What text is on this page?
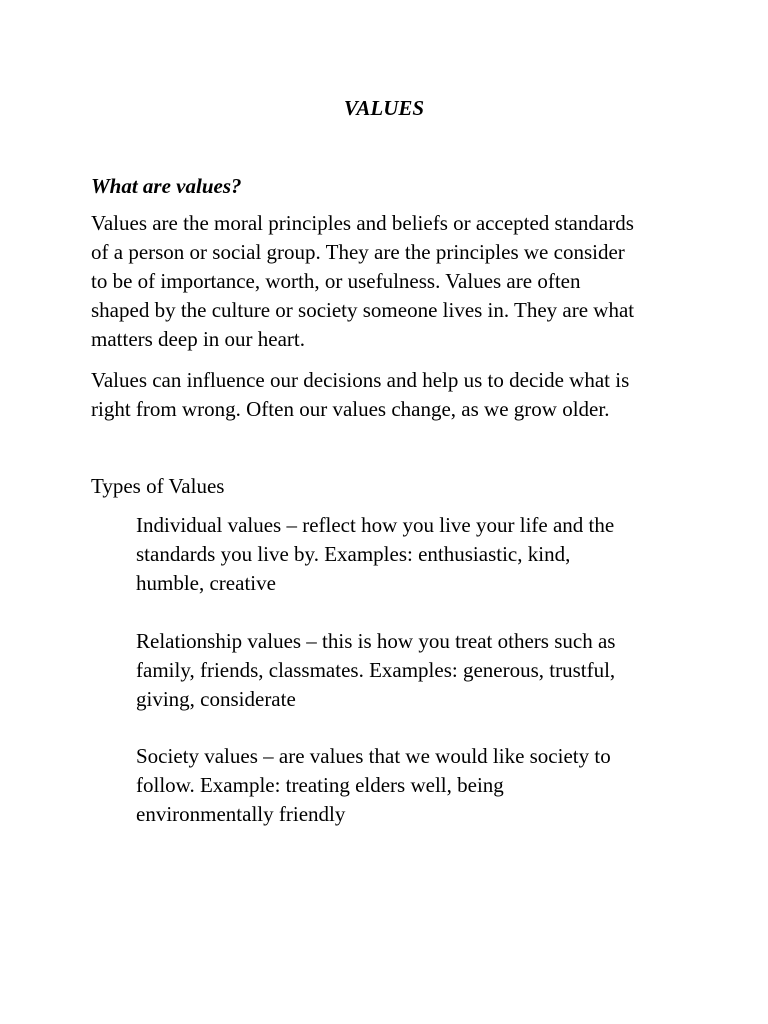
VALUES
What are values?

Values are the moral principles and beliefs or accepted standards
of a person or social group. They are the principles we consider
to be of importance, worth, or usefulness. Values are often
shaped by the culture or society someone lives in. They are what
matters deep in our heart.

Values can influence our decisions and help us to decide what is
right from wrong. Often our values change, as we grow older.

Types of Values

Individual values – reflect how you live your life and the
standards you live by. Examples: enthusiastic, kind,
humble, creative

Relationship values – this is how you treat others such as
family, friends, classmates. Examples: generous, trustful,
giving, considerate

Society values – are values that we would like society to
follow. Example: treating elders well, being
environmentally friendly
